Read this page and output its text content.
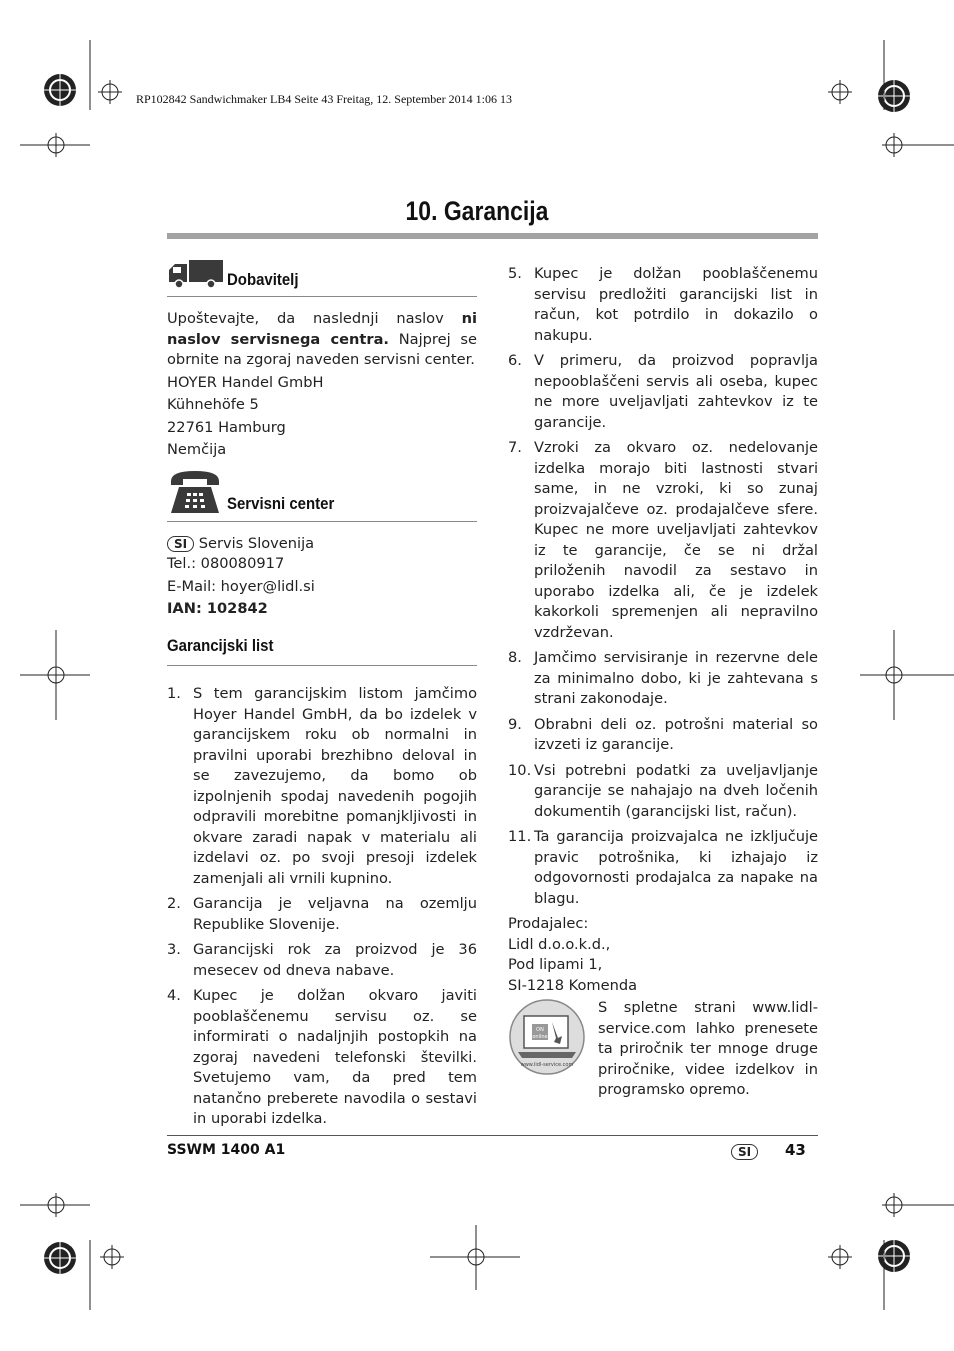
RP102842 Sandwichmaker LB4 Seite 43 Freitag, 12. September 2014 1:06 13
10. Garancija
Dobavitelj

Upoštevajte, da naslednji naslov ni naslov servisnega centra. Najprej se obrnite na zgoraj naveden servisni center.

HOYER Handel GmbH

Kühnehöfe 5

22761 Hamburg

Nemčija

Servisni center

SI Servis Slovenija

Tel.: 080080917

E-Mail: hoyer@lidl.si

IAN: 102842

Garancijski list
1. S tem garancijskim listom jamčimo Hoyer Handel GmbH, da bo izdelek v garancijskem roku ob normalni in pravilni uporabi brezhibno deloval in se zavezujemo, da bomo ob izpolnjenih spodaj navedenih pogojih odpravili morebitne pomanjkljivosti in okvare zaradi napak v materialu ali izdelavi oz. po svoji presoji izdelek zamenjali ali vrnili kupnino.
2. Garancija je veljavna na ozemlju Republike Slovenije.
3. Garancijski rok za proizvod je 36 mesecev od dneva nabave.
4. Kupec je dolžan okvaro javiti pooblaščenemu servisu oz. se informirati o nadaljnjih postopkih na zgoraj navedeni telefonski številki. Svetujemo vam, da pred tem natančno preberete navodila o sestavi in uporabi izdelka.
5. Kupec je dolžan pooblaščenemu servisu predložiti garancijski list in račun, kot potrdilo in dokazilo o nakupu.
6. V primeru, da proizvod popravlja nepooblaščeni servis ali oseba, kupec ne more uveljavljati zahtevkov iz te garancije.
7. Vzroki za okvaro oz. nedelovanje izdelka morajo biti lastnosti stvari same, in ne vzroki, ki so zunaj proizvajalčeve oz. prodajalčeve sfere. Kupec ne more uveljavljati zahtevkov iz te garancije, če se ni držal priloženih navodil za sestavo in uporabo izdelka ali, če je izdelek kakorkoli spremenjen ali nepravilno vzdrževan.
8. Jamčimo servisiranje in rezervne dele za minimalno dobo, ki je zahtevana s strani zakonodaje.
9. Obrabni deli oz. potrošni material so izvzeti iz garancije.
10. Vsi potrebni podatki za uveljavljanje garancije se nahajajo na dveh ločenih dokumentih (garancijski list, račun).
11. Ta garancija proizvajalca ne izključuje pravic potrošnika, ki izhajajo iz odgovornosti prodajalca za napake na blagu.

Prodajalec:

Lidl d.o.o.k.d.,

Pod lipami 1,

SI-1218 Komenda

ON
online
www.lidl-service.com

S spletne strani www.lidl-service.com lahko prenesete ta priročnik ter mnoge druge priročnike, videe izdelkov in programsko opremo.

SSWM 1400 A1	SI	43
